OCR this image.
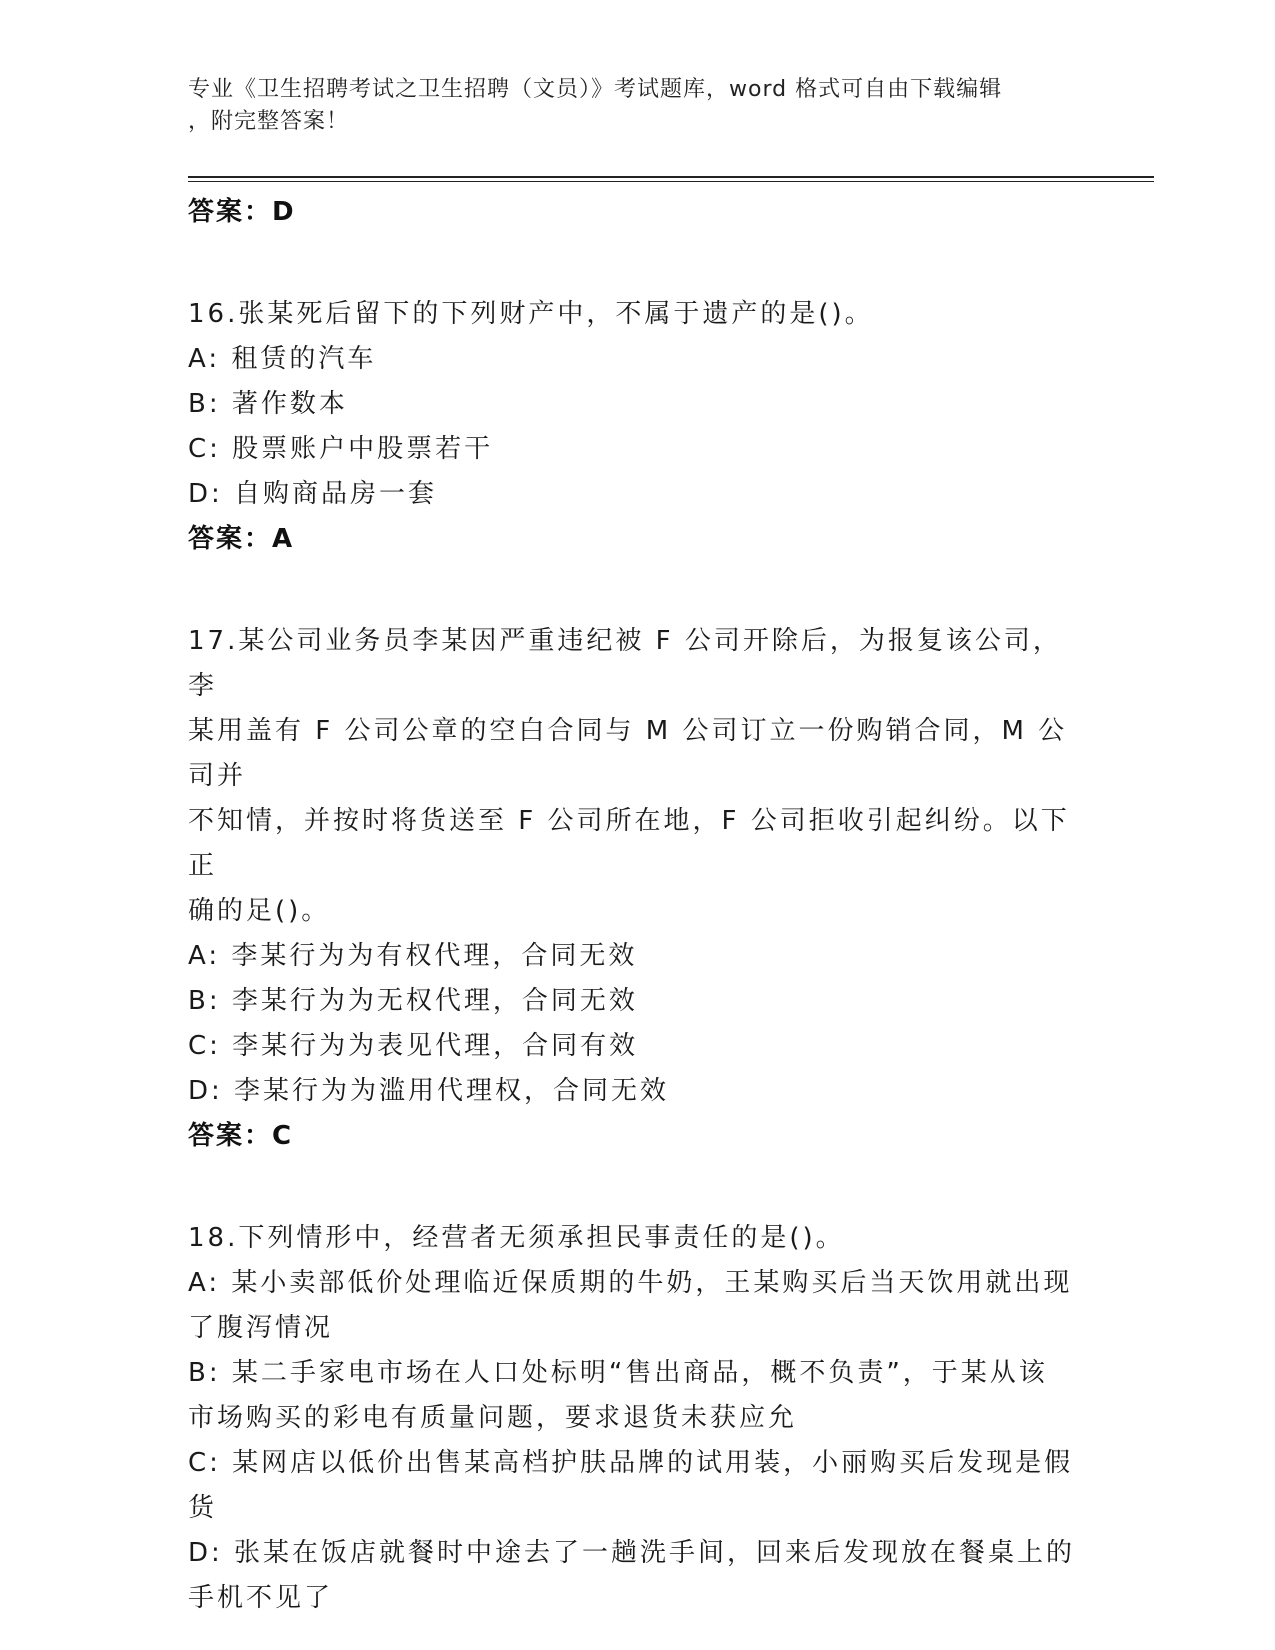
专业《卫生招聘考试之卫生招聘（文员）》考试题库，word 格式可自由下载编辑
，附完整答案！
答案：D
16.张某死后留下的下列财产中，不属于遗产的是()。
A: 租赁的汽车
B: 著作数本
C: 股票账户中股票若干
D: 自购商品房一套
答案：A
17.某公司业务员李某因严重违纪被 F 公司开除后，为报复该公司，李
某用盖有 F 公司公章的空白合同与 M 公司订立一份购销合同，M 公司并
不知情，并按时将货送至 F 公司所在地，F 公司拒收引起纠纷。以下正
确的足()。
A: 李某行为为有权代理，合同无效
B: 李某行为为无权代理，合同无效
C: 李某行为为表见代理，合同有效
D: 李某行为为滥用代理权，合同无效
答案：C
18.下列情形中，经营者无须承担民事责任的是()。
A: 某小卖部低价处理临近保质期的牛奶，王某购买后当天饮用就出现
了腹泻情况
B: 某二手家电市场在人口处标明“售出商品，概不负责”，于某从该
市场购买的彩电有质量问题，要求退货未获应允
C: 某网店以低价出售某高档护肤品牌的试用装，小丽购买后发现是假
货
D: 张某在饭店就餐时中途去了一趟洗手间，回来后发现放在餐桌上的
手机不见了
